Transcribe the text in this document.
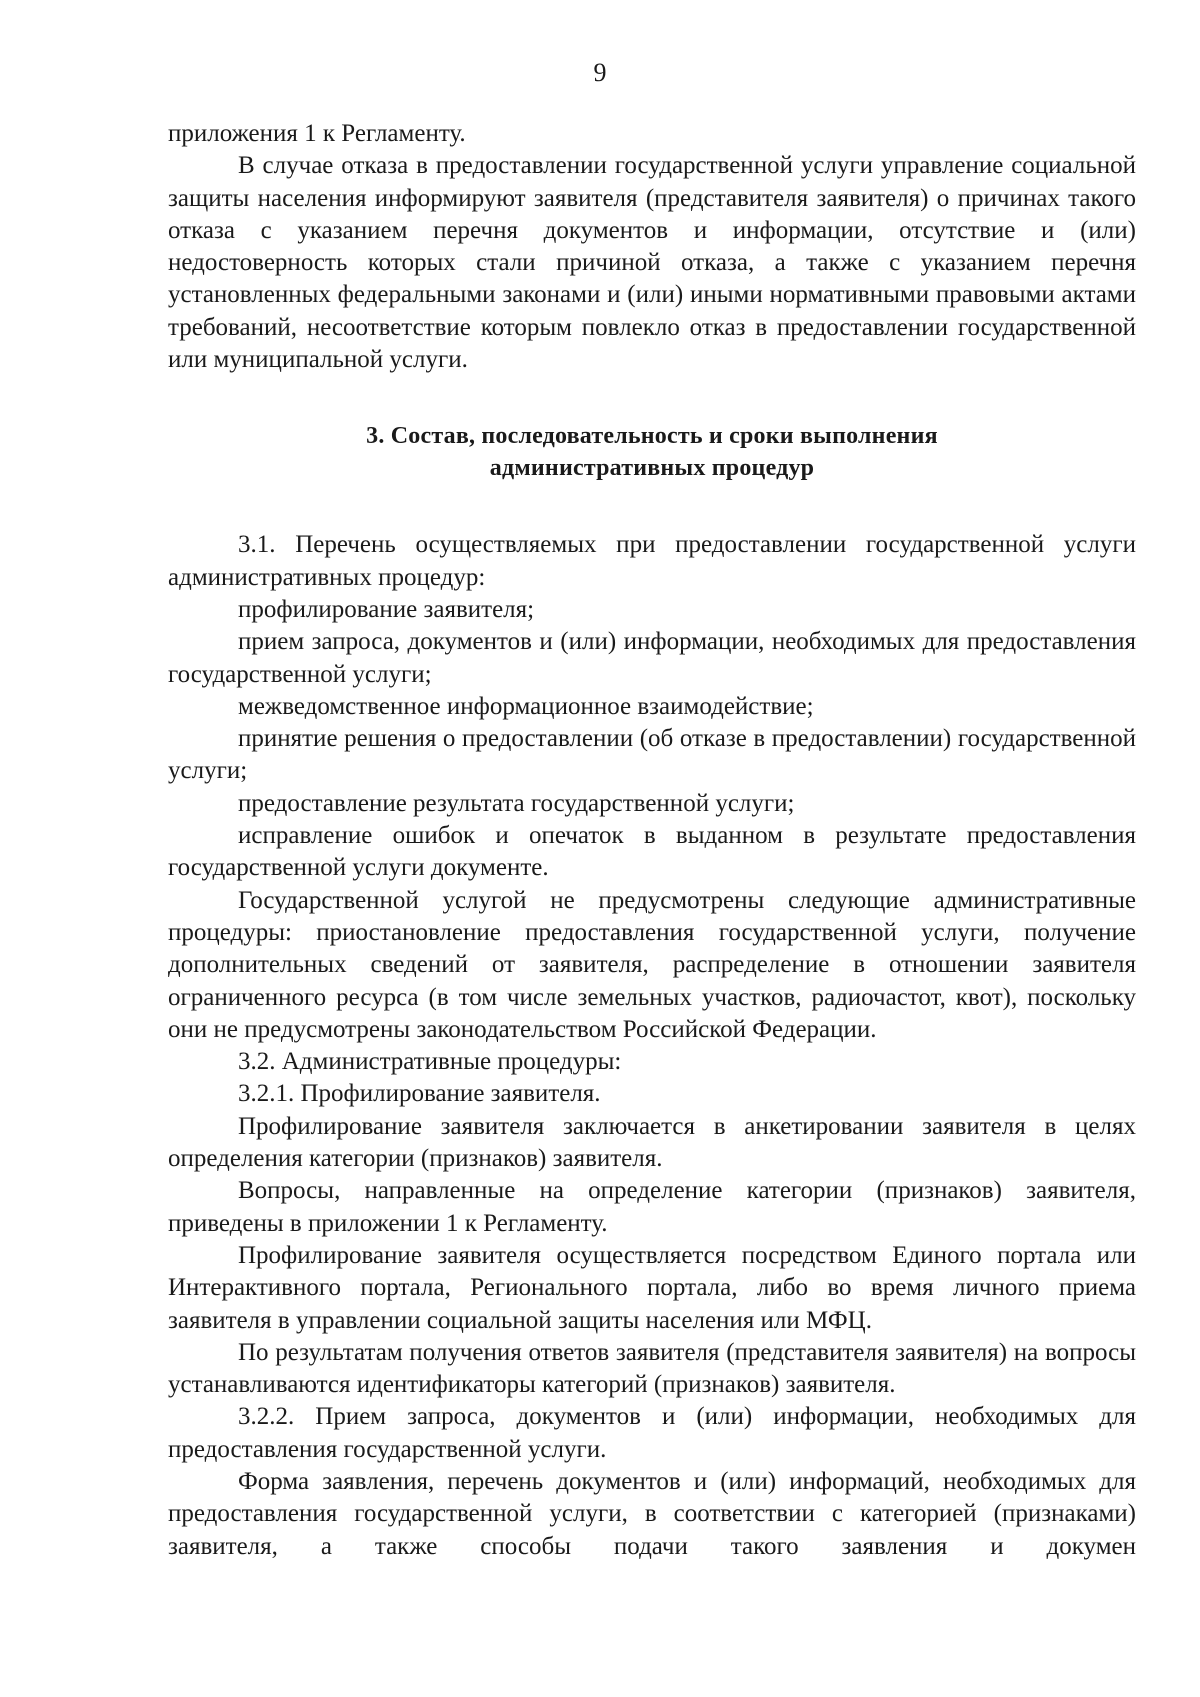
9

приложения 1 к Регламенту.

В случае отказа в предоставлении государственной услуги управление социальной защиты населения информируют заявителя (представителя заявителя) о причинах такого отказа с указанием перечня документов и информации, отсутствие и (или) недостоверность которых стали причиной отказа, а также с указанием перечня установленных федеральными законами и (или) иными нормативными правовыми актами требований, несоответствие которым повлекло отказ в предоставлении государственной или муниципальной услуги.

3. Состав, последовательность и сроки выполнения
административных процедур

3.1. Перечень осуществляемых при предоставлении государственной услуги административных процедур:

профилирование заявителя;

прием запроса, документов и (или) информации, необходимых для предоставления государственной услуги;

межведомственное информационное взаимодействие;

принятие решения о предоставлении (об отказе в предоставлении) государственной услуги;

предоставление результата государственной услуги;

исправление ошибок и опечаток в выданном в результате предоставления государственной услуги документе.

Государственной услугой не предусмотрены следующие административные процедуры: приостановление предоставления государственной услуги, получение дополнительных сведений от заявителя, распределение в отношении заявителя ограниченного ресурса (в том числе земельных участков, радиочастот, квот), поскольку они не предусмотрены законодательством Российской Федерации.

3.2. Административные процедуры:

3.2.1. Профилирование заявителя.

Профилирование заявителя заключается в анкетировании заявителя в целях определения категории (признаков) заявителя.

Вопросы, направленные на определение категории (признаков) заявителя, приведены в приложении 1 к Регламенту.

Профилирование заявителя осуществляется посредством Единого портала или Интерактивного портала, Регионального портала, либо во время личного приема заявителя в управлении социальной защиты населения или МФЦ.

По результатам получения ответов заявителя (представителя заявителя) на вопросы устанавливаются идентификаторы категорий (признаков) заявителя.

3.2.2. Прием запроса, документов и (или) информации, необходимых для предоставления государственной услуги.

Форма заявления, перечень документов и (или) информаций, необходимых для предоставления государственной услуги, в соответствии с категорией (признаками) заявителя, а также способы подачи такого заявления и докумен
